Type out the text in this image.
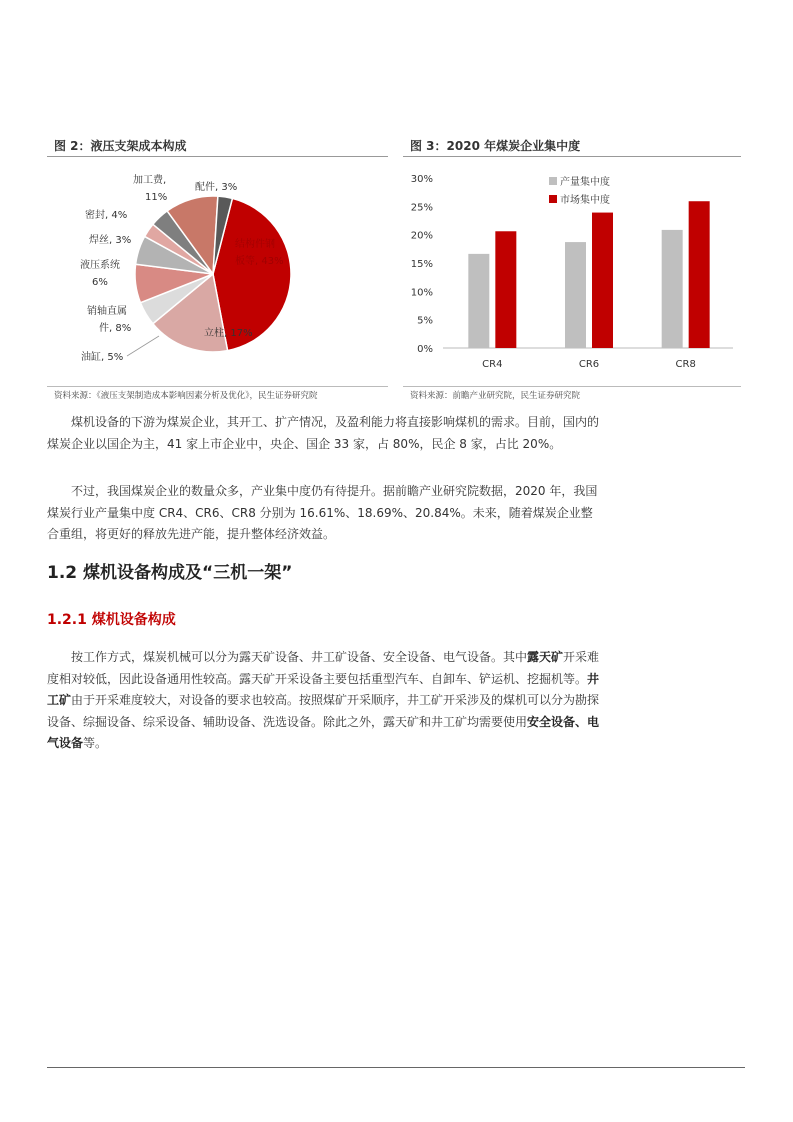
图 2：液压支架成本构成
结构件钢
板等, 43%
立柱, 17%
油缸, 5%
销轴直属
件, 8%
液压系统
6%
焊丝, 3%
密封, 4%
加工费,
11%
配件, 3%
资料来源：《液压支架制造成本影响因素分析及优化》，民生证券研究院
图 3：2020 年煤炭企业集中度
0%
5%
10%
15%
20%
25%
30%
CR4	CR6	CR8
产量集中度
市场集中度
资料来源：前瞻产业研究院，民生证券研究院

煤机设备的下游为煤炭企业，其开工、扩产情况，及盈利能力将直接影响煤机的需求。目前，国内的煤炭企业以国企为主，41 家上市企业中，央企、国企 33 家，占 80%，民企 8 家，占比 20%。

不过，我国煤炭企业的数量众多，产业集中度仍有待提升。据前瞻产业研究院数据，2020 年，我国煤炭行业产量集中度 CR4、CR6、CR8 分别为 16.61%、18.69%、20.84%。未来，随着煤炭企业整合重组，将更好的释放先进产能，提升整体经济效益。

1.2 煤机设备构成及“三机一架”
1.2.1 煤机设备构成

按工作方式，煤炭机械可以分为露天矿设备、井工矿设备、安全设备、电气设备。其中露天矿开采难度相对较低，因此设备通用性较高。露天矿开采设备主要包括重型汽车、自卸车、铲运机、挖掘机等。井工矿由于开采难度较大，对设备的要求也较高。按照煤矿开采顺序，井工矿开采涉及的煤机可以分为勘探设备、综掘设备、综采设备、辅助设备、洗选设备。除此之外，露天矿和井工矿均需要使用安全设备、电气设备等。
